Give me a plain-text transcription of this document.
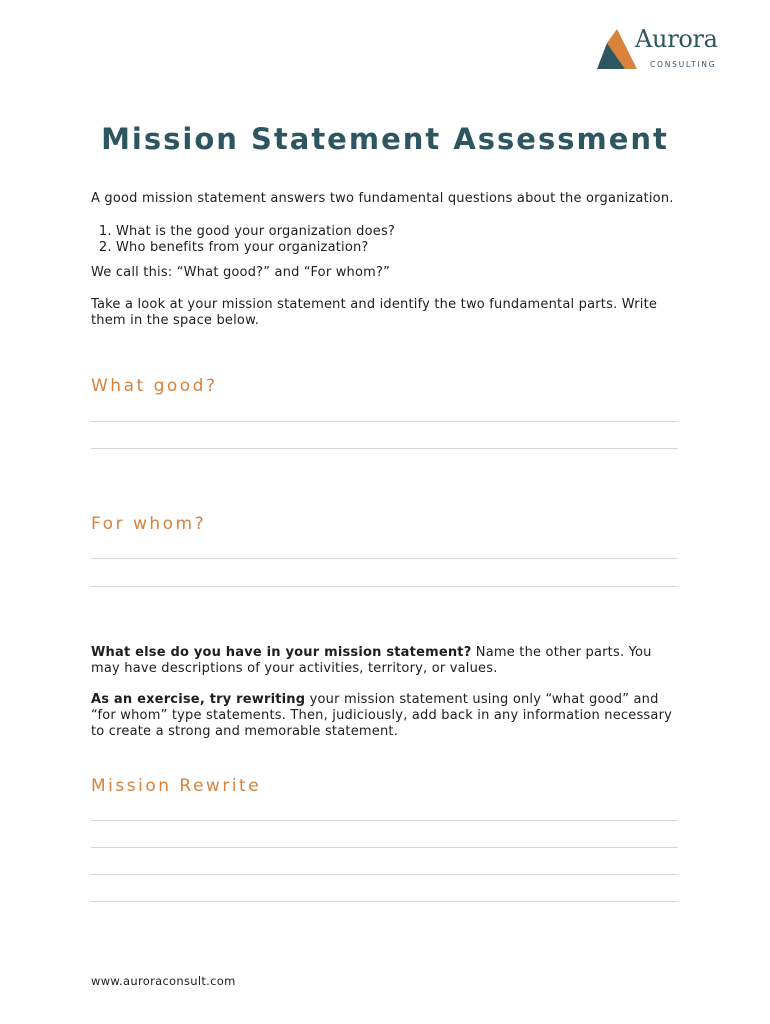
Aurora
CONSULTING
Mission Statement Assessment

A good mission statement answers two fundamental questions about the organization.

1. What is the good your organization does?
2. Who benefits from your organization?

We call this: “What good?” and “For whom?”

Take a look at your mission statement and identify the two fundamental parts. Write them in the space below.

What good?
For whom?

What else do you have in your mission statement? Name the other parts. You may have descriptions of your activities, territory, or values.

As an exercise, try rewriting your mission statement using only “what good” and “for whom” type statements. Then, judiciously, add back in any information necessary to create a strong and memorable statement.

Mission Rewrite
www.auroraconsult.com
